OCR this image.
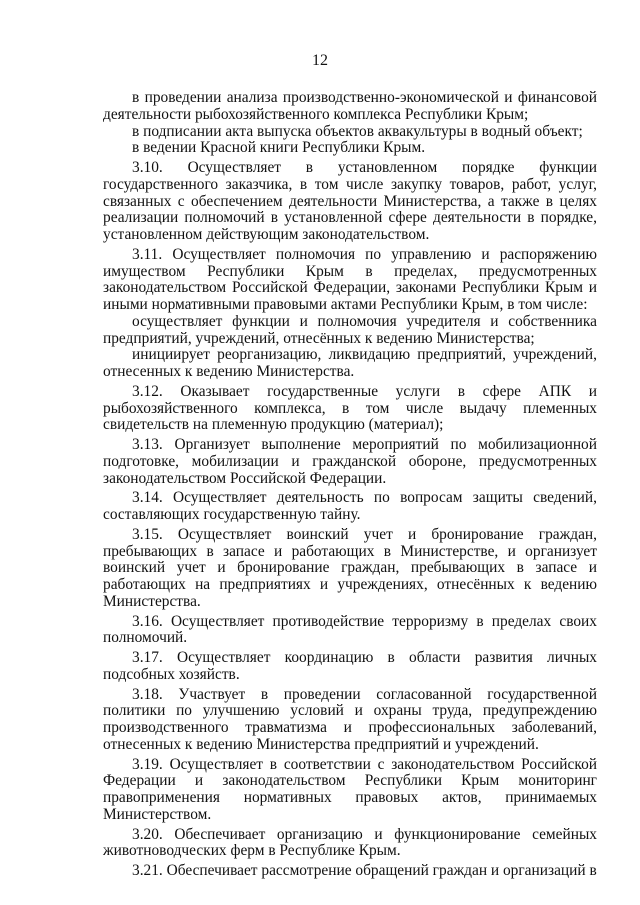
12

в проведении анализа производственно-экономической и финансовой деятельности рыбохозяйственного комплекса Республики Крым;

в подписании акта выпуска объектов аквакультуры в водный объект;

в ведении Красной книги Республики Крым.

3.10. Осуществляет в установленном порядке функции государственного заказчика, в том числе закупку товаров, работ, услуг, связанных с обеспечением деятельности Министерства, а также в целях реализации полномочий в установленной сфере деятельности в порядке, установленном действующим законодательством.

3.11. Осуществляет полномочия по управлению и распоряжению имуществом Республики Крым в пределах, предусмотренных законодательством Российской Федерации, законами Республики Крым и иными нормативными правовыми актами Республики Крым, в том числе:

осуществляет функции и полномочия учредителя и собственника предприятий, учреждений, отнесённых к ведению Министерства;

инициирует реорганизацию, ликвидацию предприятий, учреждений, отнесенных к ведению Министерства.

3.12. Оказывает государственные услуги в сфере АПК и рыбохозяйственного комплекса, в том числе выдачу племенных свидетельств на племенную продукцию (материал);

3.13. Организует выполнение мероприятий по мобилизационной подготовке, мобилизации и гражданской обороне, предусмотренных законодательством Российской Федерации.

3.14. Осуществляет деятельность по вопросам защиты сведений, составляющих государственную тайну.

3.15. Осуществляет воинский учет и бронирование граждан, пребывающих в запасе и работающих в Министерстве, и организует воинский учет и бронирование граждан, пребывающих в запасе и работающих на предприятиях и учреждениях, отнесённых к ведению Министерства.

3.16. Осуществляет противодействие терроризму в пределах своих полномочий.

3.17. Осуществляет координацию в области развития личных подсобных хозяйств.

3.18. Участвует в проведении согласованной государственной политики по улучшению условий и охраны труда, предупреждению производственного травматизма и профессиональных заболеваний, отнесенных к ведению Министерства предприятий и учреждений.

3.19. Осуществляет в соответствии с законодательством Российской Федерации и законодательством Республики Крым мониторинг правоприменения нормативных правовых актов, принимаемых Министерством.

3.20. Обеспечивает организацию и функционирование семейных животноводческих ферм в Республике Крым.

3.21. Обеспечивает рассмотрение обращений граждан и организаций в
